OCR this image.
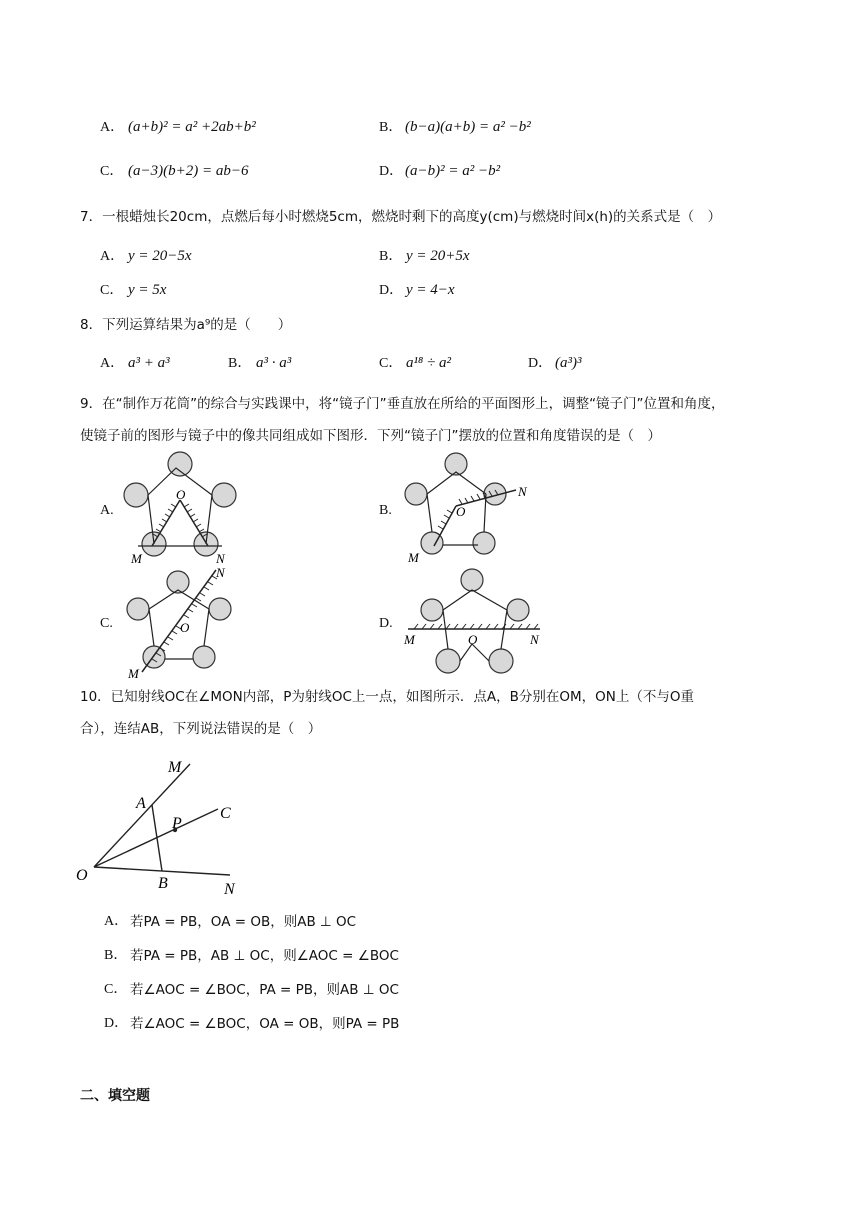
A． (a+b)² = a² +2ab+b²	B． (b−a)(a+b) = a² −b²
C． (a−3)(b+2) = ab−6	D． (a−b)² = a² −b²
7．一根蜡烛长20cm，点燃后每小时燃烧5cm，燃烧时剩下的高度y(cm)与燃烧时间x(h)的关系式是（　）
A． y = 20−5x	B． y = 20+5x
C． y = 5x	D． y = 4−x
8．下列运算结果为a⁹的是（　　）
A． a³ + a³	B． a³ · a³	C． a¹⁸ ÷ a²	D． (a³)³
9．在“制作万花筒”的综合与实践课中，将“镜子门”垂直放在所给的平面图形上，调整“镜子门”位置和角度，
使镜子前的图形与镜子中的像共同组成如下图形．下列“镜子门”摆放的位置和角度错误的是（　）
A.	B.
C.	D.
O
M	N
O
M
N
O
M
N
O
M	N
10．已知射线OC在∠MON内部，P为射线OC上一点，如图所示．点A，B分别在OM，ON上（不与O重
合），连结AB，下列说法错误的是（　）
M
A
P
C
O	B	N
A． 若PA = PB，OA = OB，则AB ⊥ OC
B． 若PA = PB，AB ⊥ OC，则∠AOC = ∠BOC
C． 若∠AOC = ∠BOC，PA = PB，则AB ⊥ OC
D． 若∠AOC = ∠BOC，OA = OB，则PA = PB
二、填空题
